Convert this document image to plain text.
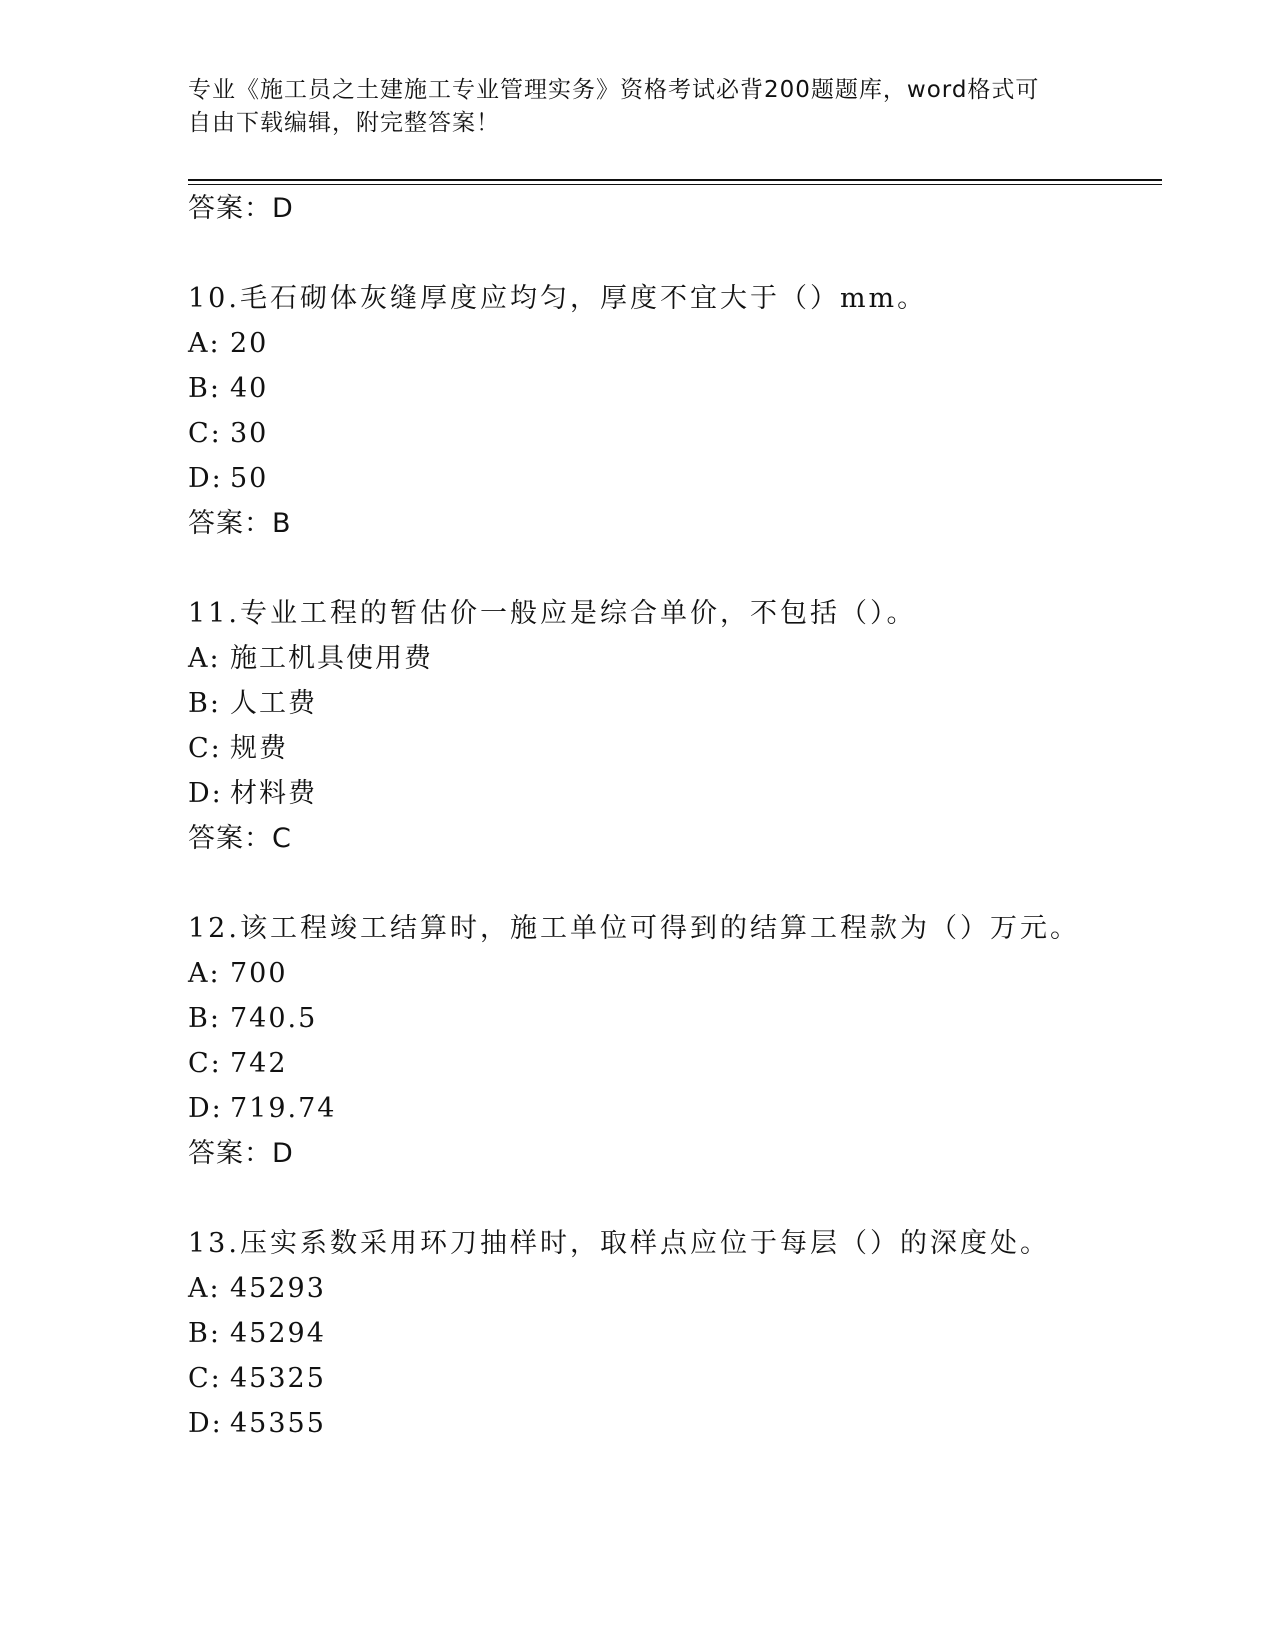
专业《施工员之土建施工专业管理实务》资格考试必背200题题库，word格式可
自由下载编辑，附完整答案！
答案：D
10.毛石砌体灰缝厚度应均匀，厚度不宜大于（）mm。
A: 20
B: 40
C: 30
D: 50
答案：B
11.专业工程的暂估价一般应是综合单价，不包括（）。
A: 施工机具使用费
B: 人工费
C: 规费
D: 材料费
答案：C
12.该工程竣工结算时，施工单位可得到的结算工程款为（）万元。
A: 700
B: 740.5
C: 742
D: 719.74
答案：D
13.压实系数采用环刀抽样时，取样点应位于每层（）的深度处。
A: 45293
B: 45294
C: 45325
D: 45355
